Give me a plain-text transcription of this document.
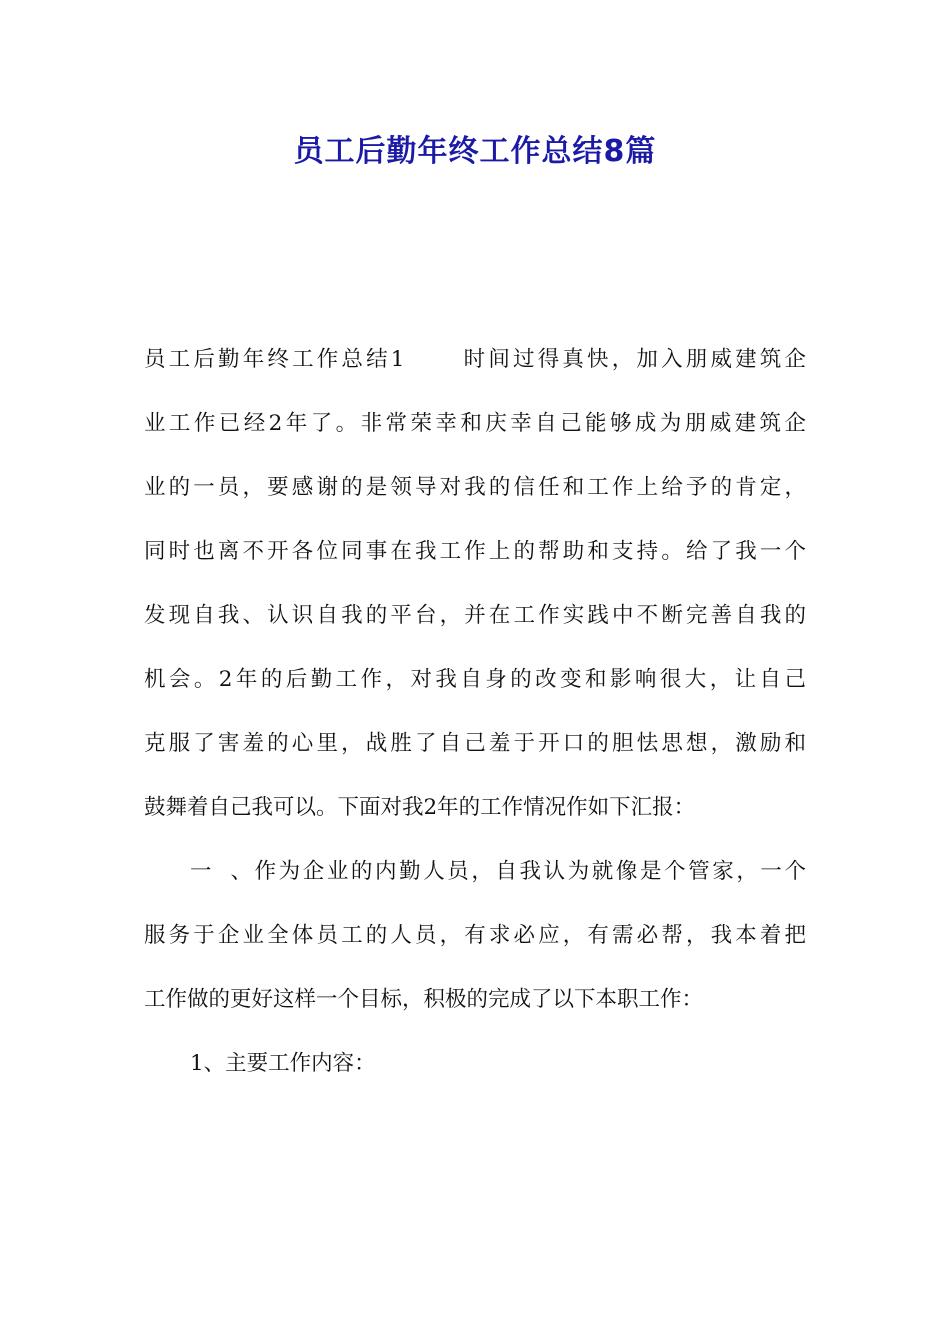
员工后勤年终工作总结8篇
员工后勤年终工作总结1	时间过得真快，加入朋威建筑企
业工作已经2年了。非常荣幸和庆幸自己能够成为朋威建筑企
业的一员，要感谢的是领导对我的信任和工作上给予的肯定，
同时也离不开各位同事在我工作上的帮助和支持。给了我一个
发现自我、认识自我的平台，并在工作实践中不断完善自我的
机会。2年的后勤工作，对我自身的改变和影响很大，让自己
克服了害羞的心里，战胜了自己羞于开口的胆怯思想，激励和
鼓舞着自己我可以。下面对我2年的工作情况作如下汇报：
一、作为企业的内勤人员，自我认为就像是个管家，一个
服务于企业全体员工的人员，有求必应，有需必帮，我本着把
工作做的更好这样一个目标，积极的完成了以下本职工作：
1、主要工作内容：
